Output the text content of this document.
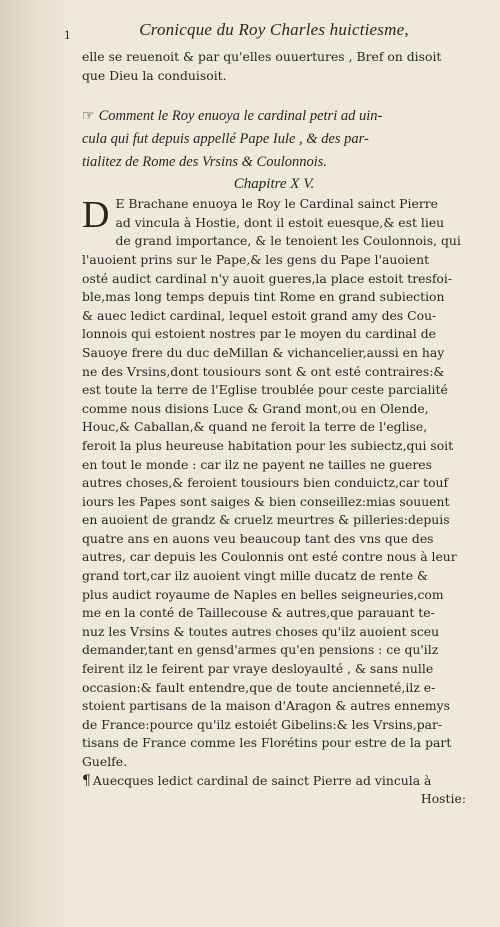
1	Cronicque du Roy Charles huictiesme,
elle se reuenoit & par qu'elles ouuertures , Bref on disoit
que Dieu la conduisoit.
☞ Comment le Roy enuoya le cardinal petri ad uin-
cula qui fut depuis appellé Pape Iule , & des par-
tialitez de Rome des Vrsins & Coulonnois.
Chapitre X V.
D E Brachane enuoya le Roy le Cardinal sainct Pierre
ad vincula à Hostie, dont il estoit euesque,& est lieu
de grand importance, & le tenoient les Coulonnois, qui
l'auoient prins sur le Pape,& les gens du Pape l'auoient
osté audict cardinal n'y auoit gueres,la place estoit tresfoi-
ble,mas long temps depuis tint Rome en grand subiection
& auec ledict cardinal, lequel estoit grand amy des Cou-
lonnois qui estoient nostres par le moyen du cardinal de
Sauoye frere du duc deMillan & vichancelier,aussi en hay
ne des Vrsins,dont tousiours sont & ont esté contraires:&
est toute la terre de l'Eglise troublée pour ceste parcialité
comme nous disions Luce & Grand mont,ou en Olende,
Houc,& Caballan,& quand ne feroit la terre de l'eglise,
feroit la plus heureuse habitation pour les subiectz,qui soit
en tout le monde : car ilz ne payent ne tailles ne gueres
autres choses,& feroient tousiours bien conduictz,car touf
iours les Papes sont saiges & bien conseillez:mias souuent
en auoient de grandz & cruelz meurtres & pilleries:depuis
quatre ans en auons veu beaucoup tant des vns que des
autres, car depuis les Coulonnis ont esté contre nous à leur
grand tort,car ilz auoient vingt mille ducatz de rente &
plus audict royaume de Naples en belles seigneuries,com
me en la conté de Taillecouse & autres,que parauant te-
nuz les Vrsins & toutes autres choses qu'ilz auoient sceu
demander,tant en gensd'armes qu'en pensions : ce qu'ilz
feirent ilz le feirent par vraye desloyaulté , & sans nulle
occasion:& fault entendre,que de toute ancienneté,ilz e-
stoient partisans de la maison d'Aragon & autres ennemys
de France:pource qu'ilz estoiét Gibelins:& les Vrsins,par-
tisans de France comme les Florétins pour estre de la part
Guelfe.
¶ Auecques ledict cardinal de sainct Pierre ad vincula à
Hostie:
